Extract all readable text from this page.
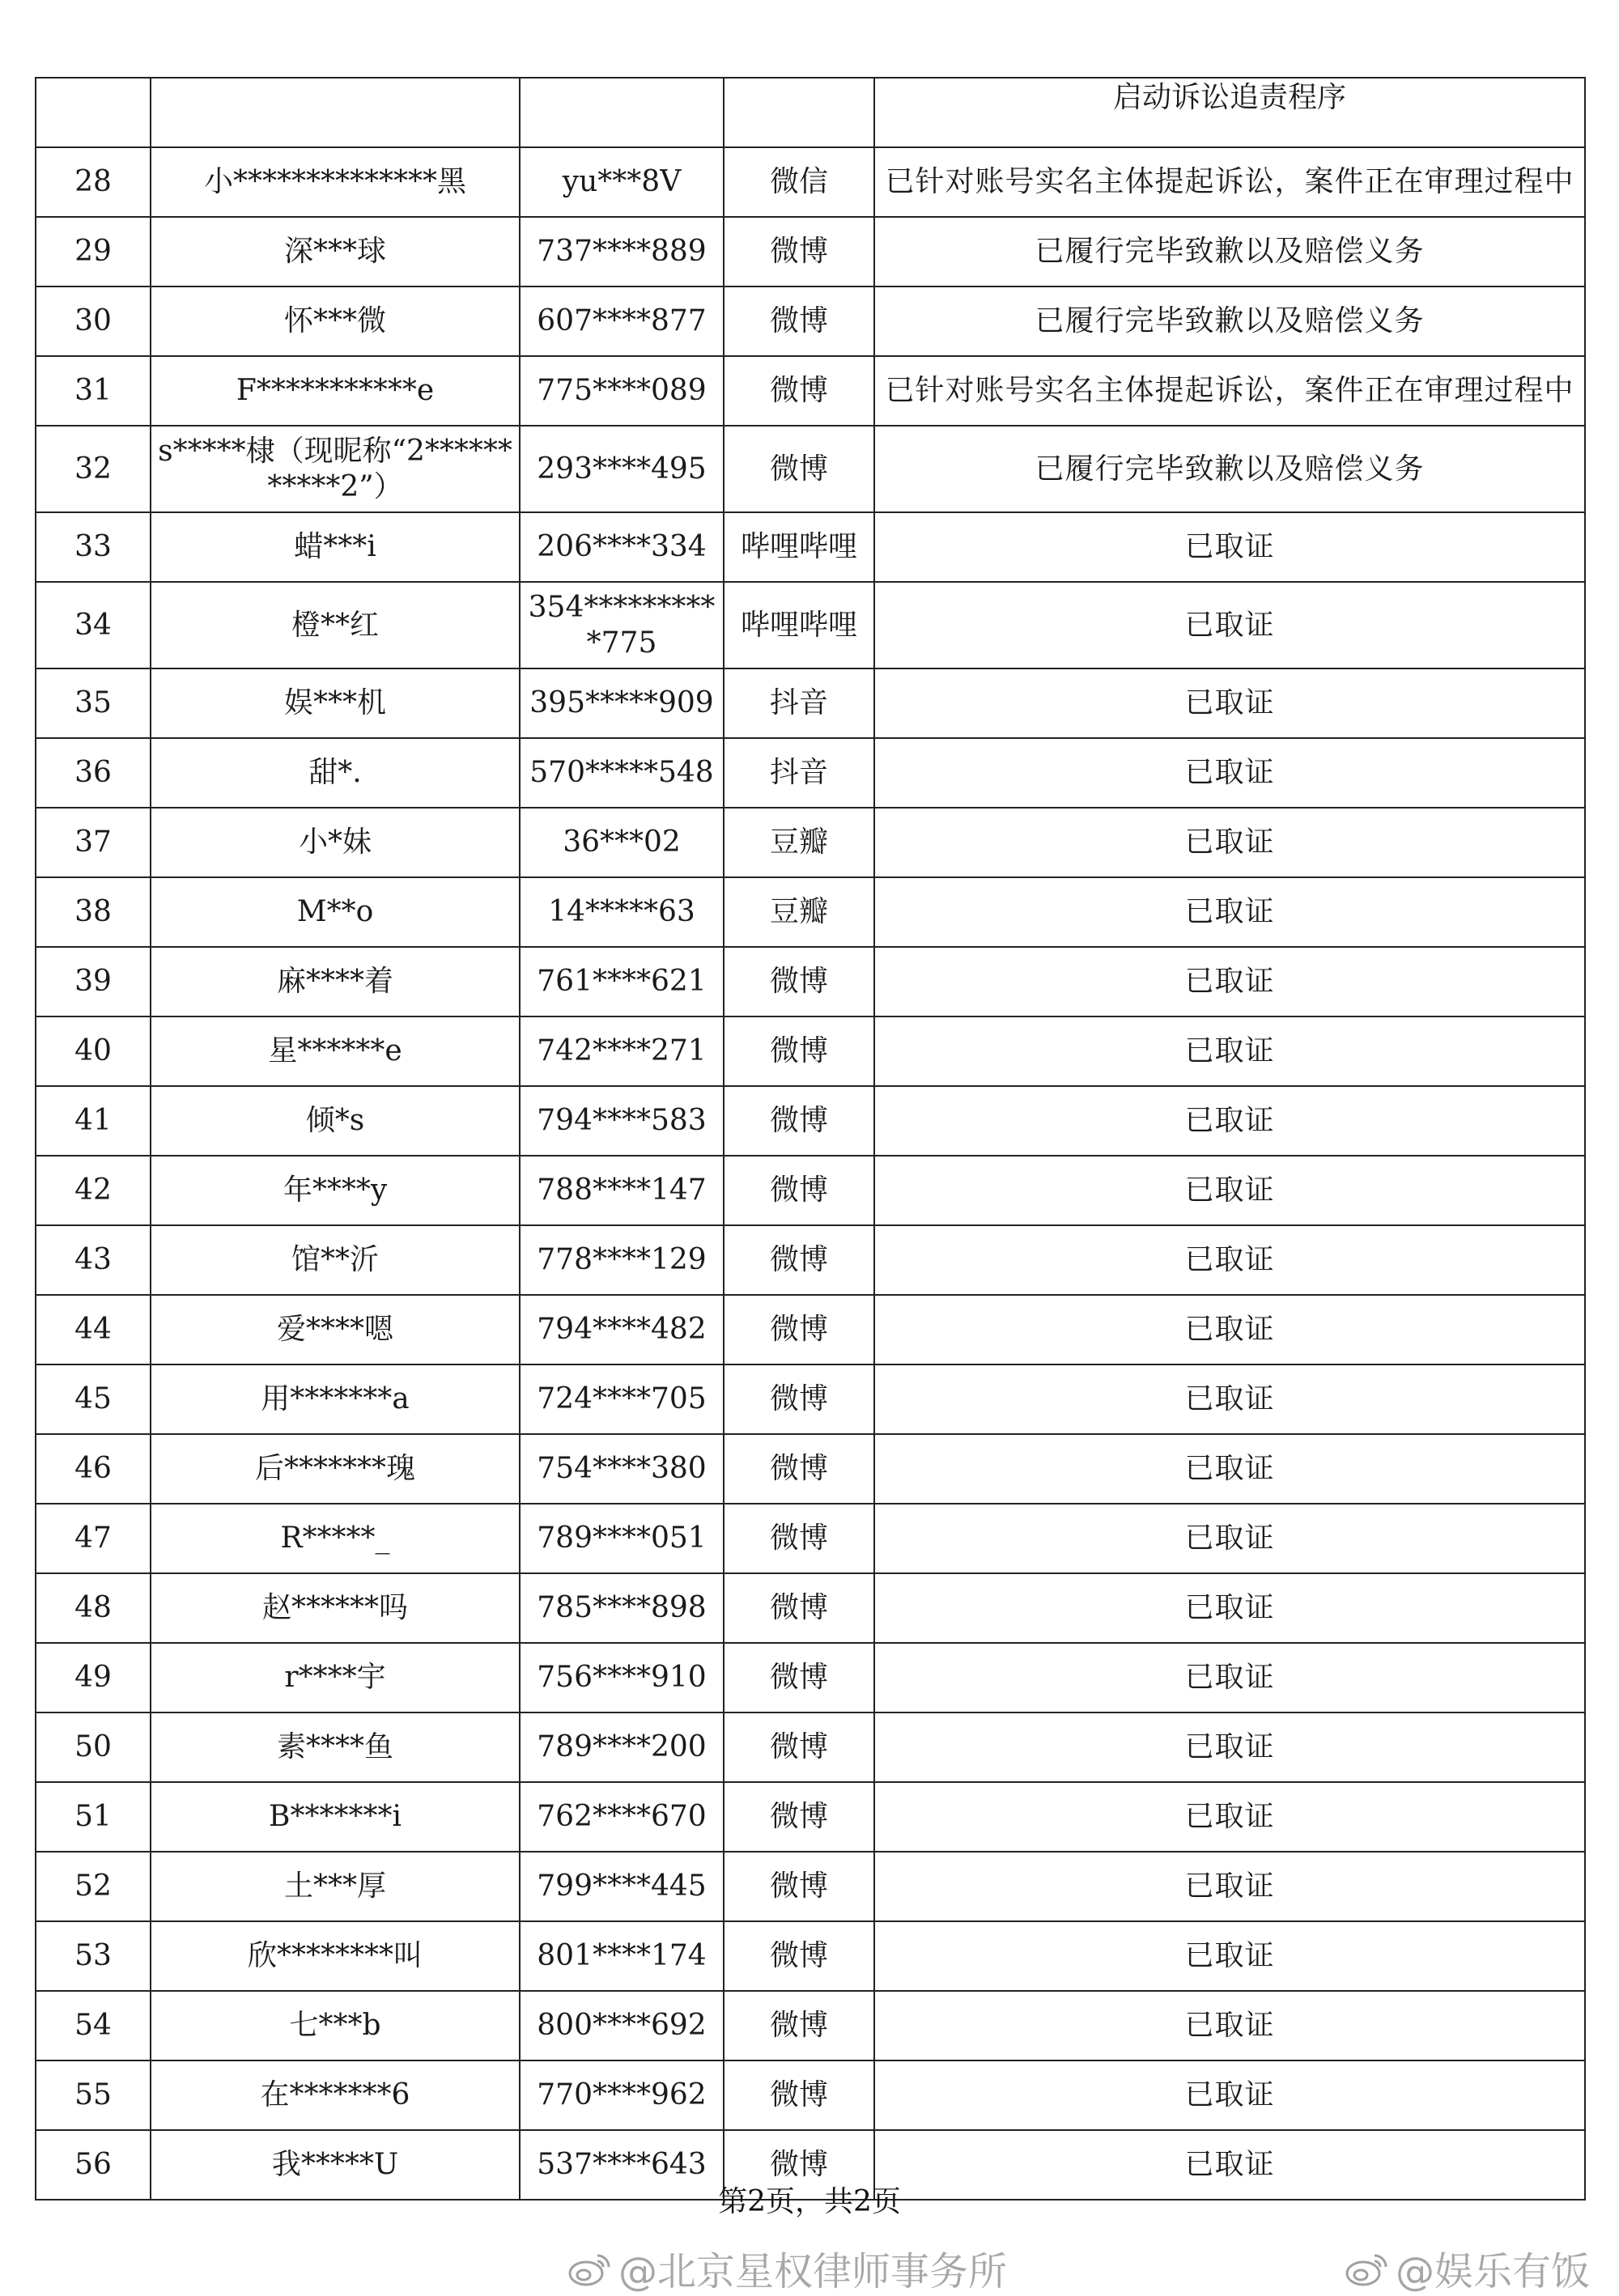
				启动诉讼追责程序
28	小**************黑	yu***8V	微信	已针对账号实名主体提起诉讼，案件正在审理过程中
29	深***球	737****889	微博	已履行完毕致歉以及赔偿义务
30	怀***微	607****877	微博	已履行完毕致歉以及赔偿义务
31	F***********e	775****089	微博	已针对账号实名主体提起诉讼，案件正在审理过程中
32	s*****棣（现昵称“2***********2”）	293****495	微博	已履行完毕致歉以及赔偿义务
33	蜡***i	206****334	哔哩哔哩	已取证
34	橙**红	354**********775	哔哩哔哩	已取证
35	娱***机	395*****909	抖音	已取证
36	甜*.	570*****548	抖音	已取证
37	小*妹	36***02	豆瓣	已取证
38	M**o	14*****63	豆瓣	已取证
39	麻****着	761****621	微博	已取证
40	星******e	742****271	微博	已取证
41	倾*s	794****583	微博	已取证
42	年****y	788****147	微博	已取证
43	馆**沂	778****129	微博	已取证
44	爱****嗯	794****482	微博	已取证
45	用*******a	724****705	微博	已取证
46	后*******瑰	754****380	微博	已取证
47	R*****_	789****051	微博	已取证
48	赵******吗	785****898	微博	已取证
49	r****宇	756****910	微博	已取证
50	素****鱼	789****200	微博	已取证
51	B*******i	762****670	微博	已取证
52	土***厚	799****445	微博	已取证
53	欣********叫	801****174	微博	已取证
54	七***b	800****692	微博	已取证
55	在*******6	770****962	微博	已取证
56	我*****U	537****643	微博	已取证
第2页，共2页
@北京星权律师事务所	@娱乐有饭
